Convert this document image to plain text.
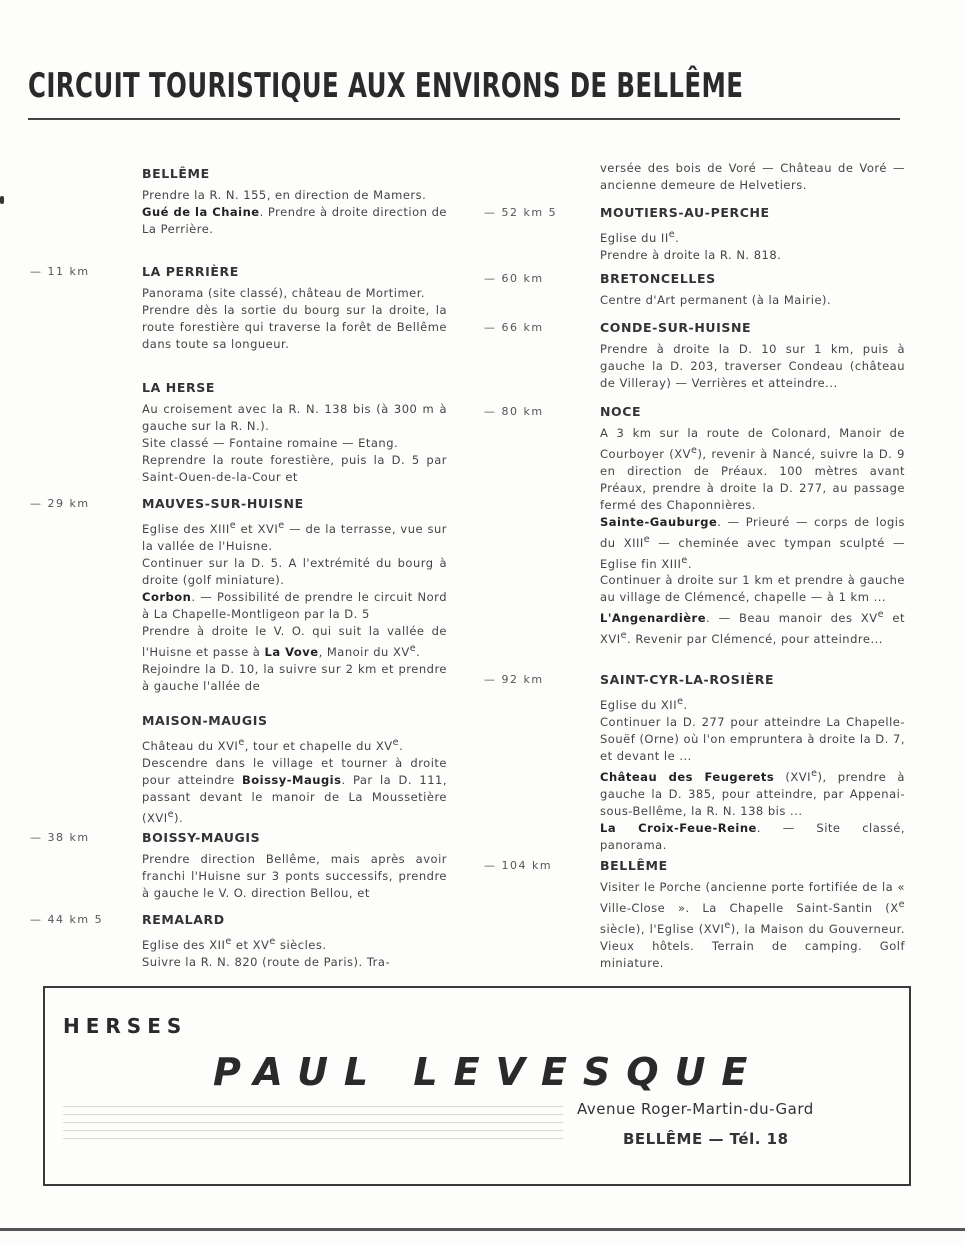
CIRCUIT TOURISTIQUE AUX ENVIRONS DE BELLÊME
BELLÊME

Prendre la R. N. 155, en direction de Mamers.

Gué de la Chaine. Prendre à droite direction de La Perrière.

— 11 km	LA PERRIÈRE

Panorama (site classé), château de Mortimer.

Prendre dès la sortie du bourg sur la droite, la route forestière qui traverse la forêt de Bellême dans toute sa longueur.

LA HERSE

Au croisement avec la R. N. 138 bis (à 300 m à gauche sur la R. N.).

Site classé — Fontaine romaine — Etang.

Reprendre la route forestière, puis la D. 5 par Saint-Ouen-de-la-Cour et

— 29 km	MAUVES-SUR-HUISNE

Eglise des XIIIe et XVIe — de la terrasse, vue sur la vallée de l'Huisne.

Continuer sur la D. 5. A l'extrémité du bourg à droite (golf miniature).

Corbon. — Possibilité de prendre le circuit Nord à La Chapelle-Montligeon par la D. 5

Prendre à droite le V. O. qui suit la vallée de l'Huisne et passe à La Vove, Manoir du XVe.

Rejoindre la D. 10, la suivre sur 2 km et prendre à gauche l'allée de

MAISON-MAUGIS

Château du XVIe, tour et chapelle du XVe.

Descendre dans le village et tourner à droite pour atteindre Boissy-Maugis. Par la D. 111, passant devant le manoir de La Moussetière (XVIe).

— 38 km	BOISSY-MAUGIS

Prendre direction Bellême, mais après avoir franchi l'Huisne sur 3 ponts successifs, prendre à gauche le V. O. direction Bellou, et

— 44 km 5	REMALARD

Eglise des XIIe et XVe siècles.

Suivre la R. N. 820 (route de Paris). Tra-

versée des bois de Voré — Château de Voré — ancienne demeure de Helvetiers.

— 52 km 5	MOUTIERS-AU-PERCHE

Eglise du IIe.

Prendre à droite la R. N. 818.

— 60 km	BRETONCELLES

Centre d'Art permanent (à la Mairie).

— 66 km	CONDE-SUR-HUISNE

Prendre à droite la D. 10 sur 1 km, puis à gauche la D. 203, traverser Condeau (château de Villeray) — Verrières et atteindre...

— 80 km	NOCE

A 3 km sur la route de Colonard, Manoir de Courboyer (XVe), revenir à Nancé, suivre la D. 9 en direction de Préaux. 100 mètres avant Préaux, prendre à droite la D. 277, au passage fermé des Chaponnières.

Sainte-Gauburge. — Prieuré — corps de logis du XIIIe — cheminée avec tympan sculpté — Eglise fin XIIIe.

Continuer à droite sur 1 km et prendre à gauche au village de Clémencé, chapelle — à 1 km ...

L'Angenardière. — Beau manoir des XVe et XVIe. Revenir par Clémencé, pour atteindre...

— 92 km	SAINT-CYR-LA-ROSIÈRE

Eglise du XIIe.

Continuer la D. 277 pour atteindre La Chapelle-Souëf (Orne) où l'on emprunterа à droite la D. 7, et devant le ...

Château des Feugerets (XVIe), prendre à gauche la D. 385, pour atteindre, par Appenai-sous-Bellême, la R. N. 138 bis ...

La Croix-Feue-Reine. — Site classé, panorama.

— 104 km	BELLÊME

Visiter le Porche (ancienne porte fortifiée de la « Ville-Close ». La Chapelle Saint-Santin (Xe siècle), l'Eglise (XVIe), la Maison du Gouverneur. Vieux hôtels. Terrain de camping. Golf miniature.

HERSES
PAUL LEVESQUE
Avenue Roger-Martin-du-Gard
BELLÊME — Tél. 18
